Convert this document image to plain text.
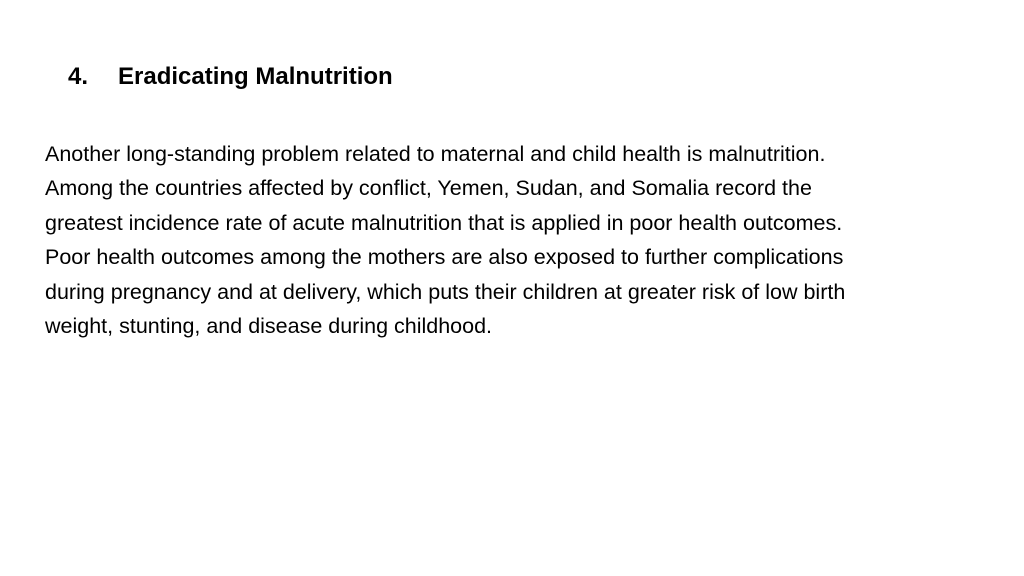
4.	Eradicating Malnutrition

Another long-standing problem related to maternal and child health is malnutrition.
Among the countries affected by conflict, Yemen, Sudan, and Somalia record the
greatest incidence rate of acute malnutrition that is applied in poor health outcomes.
Poor health outcomes among the mothers are also exposed to further complications
during pregnancy and at delivery, which puts their children at greater risk of low birth
weight, stunting, and disease during childhood.
